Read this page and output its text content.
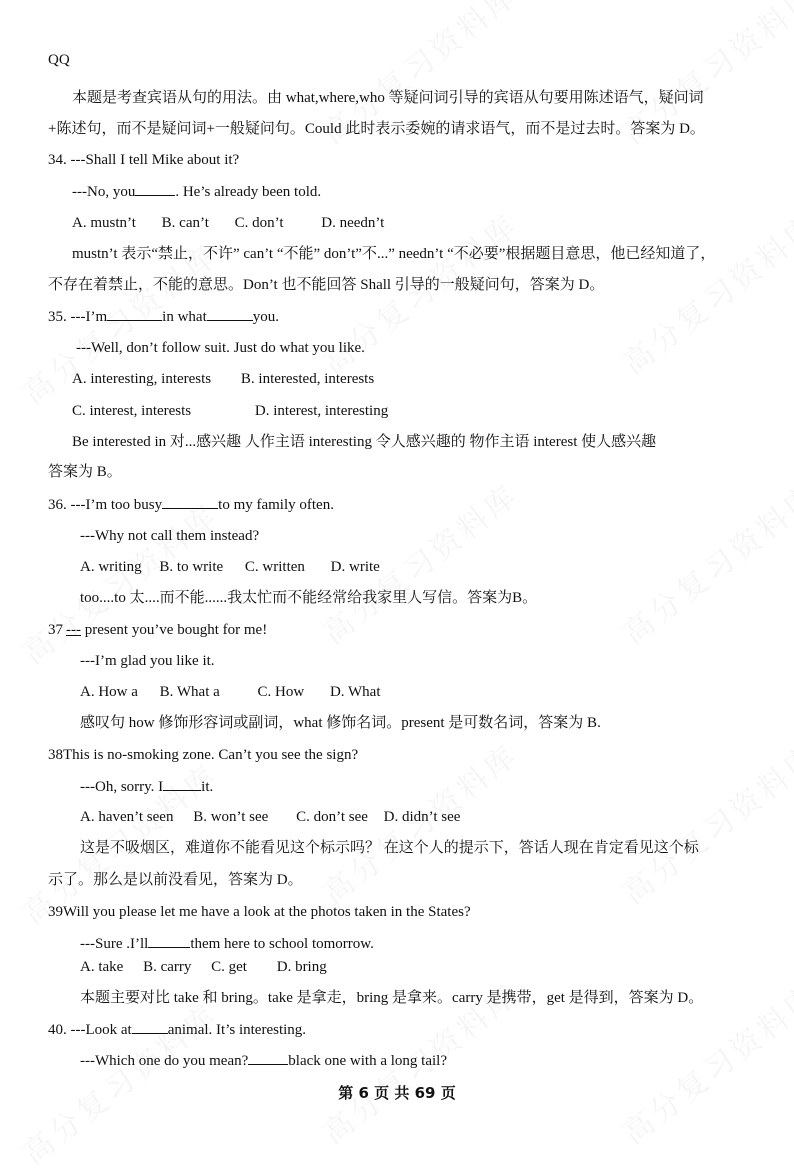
QQ
本题是考查宾语从句的用法。由 what,where,who 等疑问词引导的宾语从句要用陈述语气，疑问词
+陈述句，而不是疑问词+一般疑问句。Could 此时表示委婉的请求语气，而不是过去时。答案为 D。
34. ---Shall I tell Mike about it?
---No, you	. He’s already been told.
A. mustn’t B. can’t C. don’t	D. needn’t
mustn’t 表示“禁止，不许” can’t “不能” don’t”不...” needn’t “不必要”根据题目意思，他已经知道了，
不存在着禁止，不能的意思。Don’t 也不能回答 Shall 引导的一般疑问句，答案为 D。
35. ---I’m	in what	you.
---Well, don’t follow suit. Just do what you like.
A. interesting, interests B. interested, interests
C. interest, interests	D. interest, interesting
Be interested in 对...感兴趣 人作主语 interesting 令人感兴趣的 物作主语 interest 使人感兴趣
答案为 B。
36. ---I’m too busy	to my family often.
---Why not call them instead?
A. writing B. to write C. written D. write
too....to 太....而不能......我太忙而不能经常给我家里人写信。答案为B。
37 --- present you’ve bought for me!
---I’m glad you like it.
A. How a B. What a	C. How D. What
感叹句 how 修饰形容词或副词，what 修饰名词。present 是可数名词，答案为 B.
38This is no-smoking zone. Can’t you see the sign?
---Oh, sorry. I	it.
A. haven’t seen B. won’t see C. don’t see D. didn’t see
这是不吸烟区，难道你不能看见这个标示吗？ 在这个人的提示下，答话人现在肯定看见这个标
示了。那么是以前没看见，答案为 D。
39Will you please let me have a look at the photos taken in the States?
---Sure .I’ll	them here to school tomorrow.
A. take B. carry C. get D. bring
本题主要对比 take 和 bring。take 是拿走，bring 是拿来。carry 是携带，get 是得到，答案为 D。
40. ---Look at animal. It’s interesting.
---Which one do you mean?	black one with a long tail?
第 6 页 共 69 页
